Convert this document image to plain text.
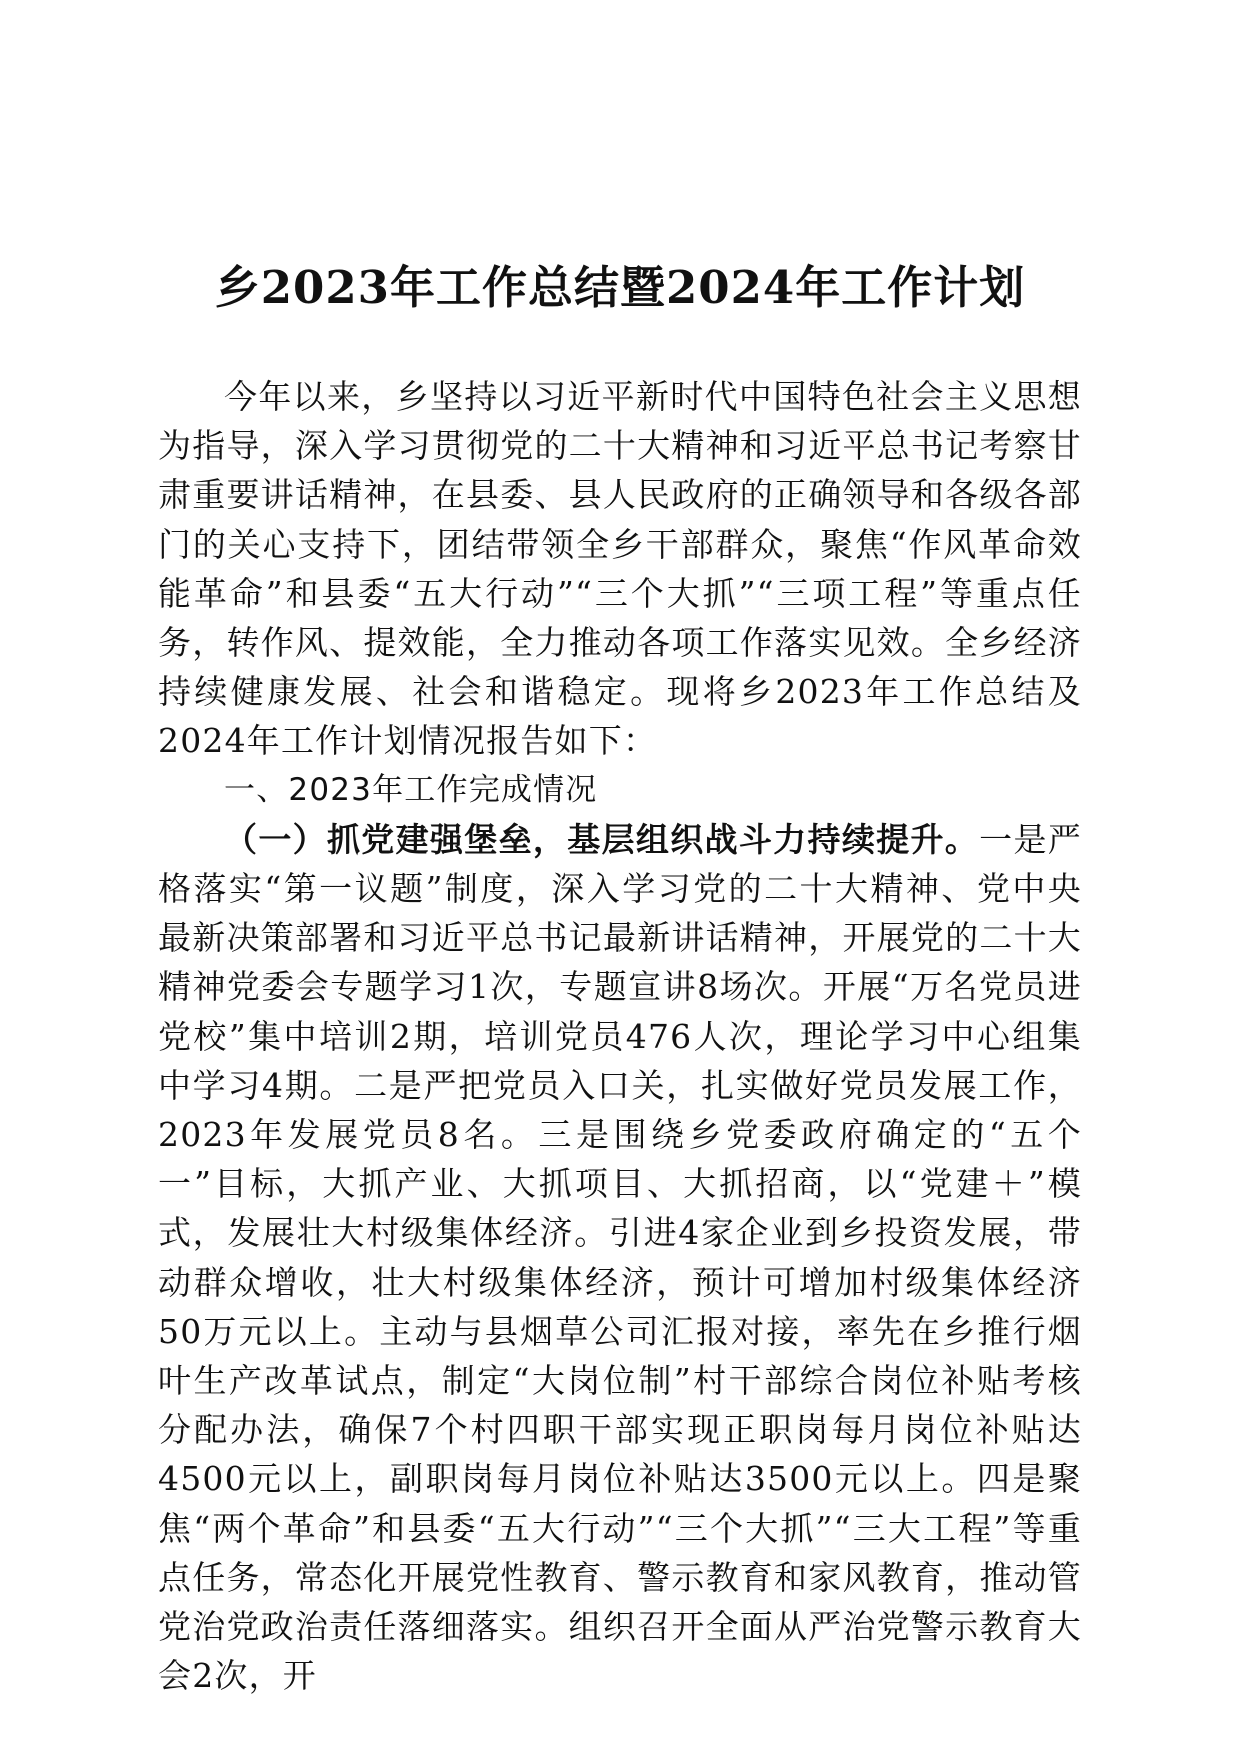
乡2023年工作总结暨2024年工作计划

今年以来，乡坚持以习近平新时代中国特色社会主义思想为指导，深入学习贯彻党的二十大精神和习近平总书记考察甘肃重要讲话精神，在县委、县人民政府的正确领导和各级各部门的关心支持下，团结带领全乡干部群众，聚焦“作风革命效能革命”和县委“五大行动”“三个大抓”“三项工程”等重点任务，转作风、提效能，全力推动各项工作落实见效。全乡经济持续健康发展、社会和谐稳定。现将乡2023年工作总结及2024年工作计划情况报告如下：

一、2023年工作完成情况

（一）抓党建强堡垒，基层组织战斗力持续提升。一是严格落实“第一议题”制度，深入学习党的二十大精神、党中央最新决策部署和习近平总书记最新讲话精神，开展党的二十大精神党委会专题学习1次，专题宣讲8场次。开展“万名党员进党校”集中培训2期，培训党员476人次，理论学习中心组集中学习4期。二是严把党员入口关，扎实做好党员发展工作，2023年发展党员8名。三是围绕乡党委政府确定的“五个一”目标，大抓产业、大抓项目、大抓招商，以“党建＋”模式，发展壮大村级集体经济。引进4家企业到乡投资发展，带动群众增收，壮大村级集体经济，预计可增加村级集体经济50万元以上。主动与县烟草公司汇报对接，率先在乡推行烟叶生产改革试点，制定“大岗位制”村干部综合岗位补贴考核分配办法，确保7个村四职干部实现正职岗每月岗位补贴达4500元以上，副职岗每月岗位补贴达3500元以上。四是聚焦“两个革命”和县委“五大行动”“三个大抓”“三大工程”等重点任务，常态化开展党性教育、警示教育和家风教育，推动管党治党政治责任落细落实。组织召开全面从严治党警示教育大会2次，开
